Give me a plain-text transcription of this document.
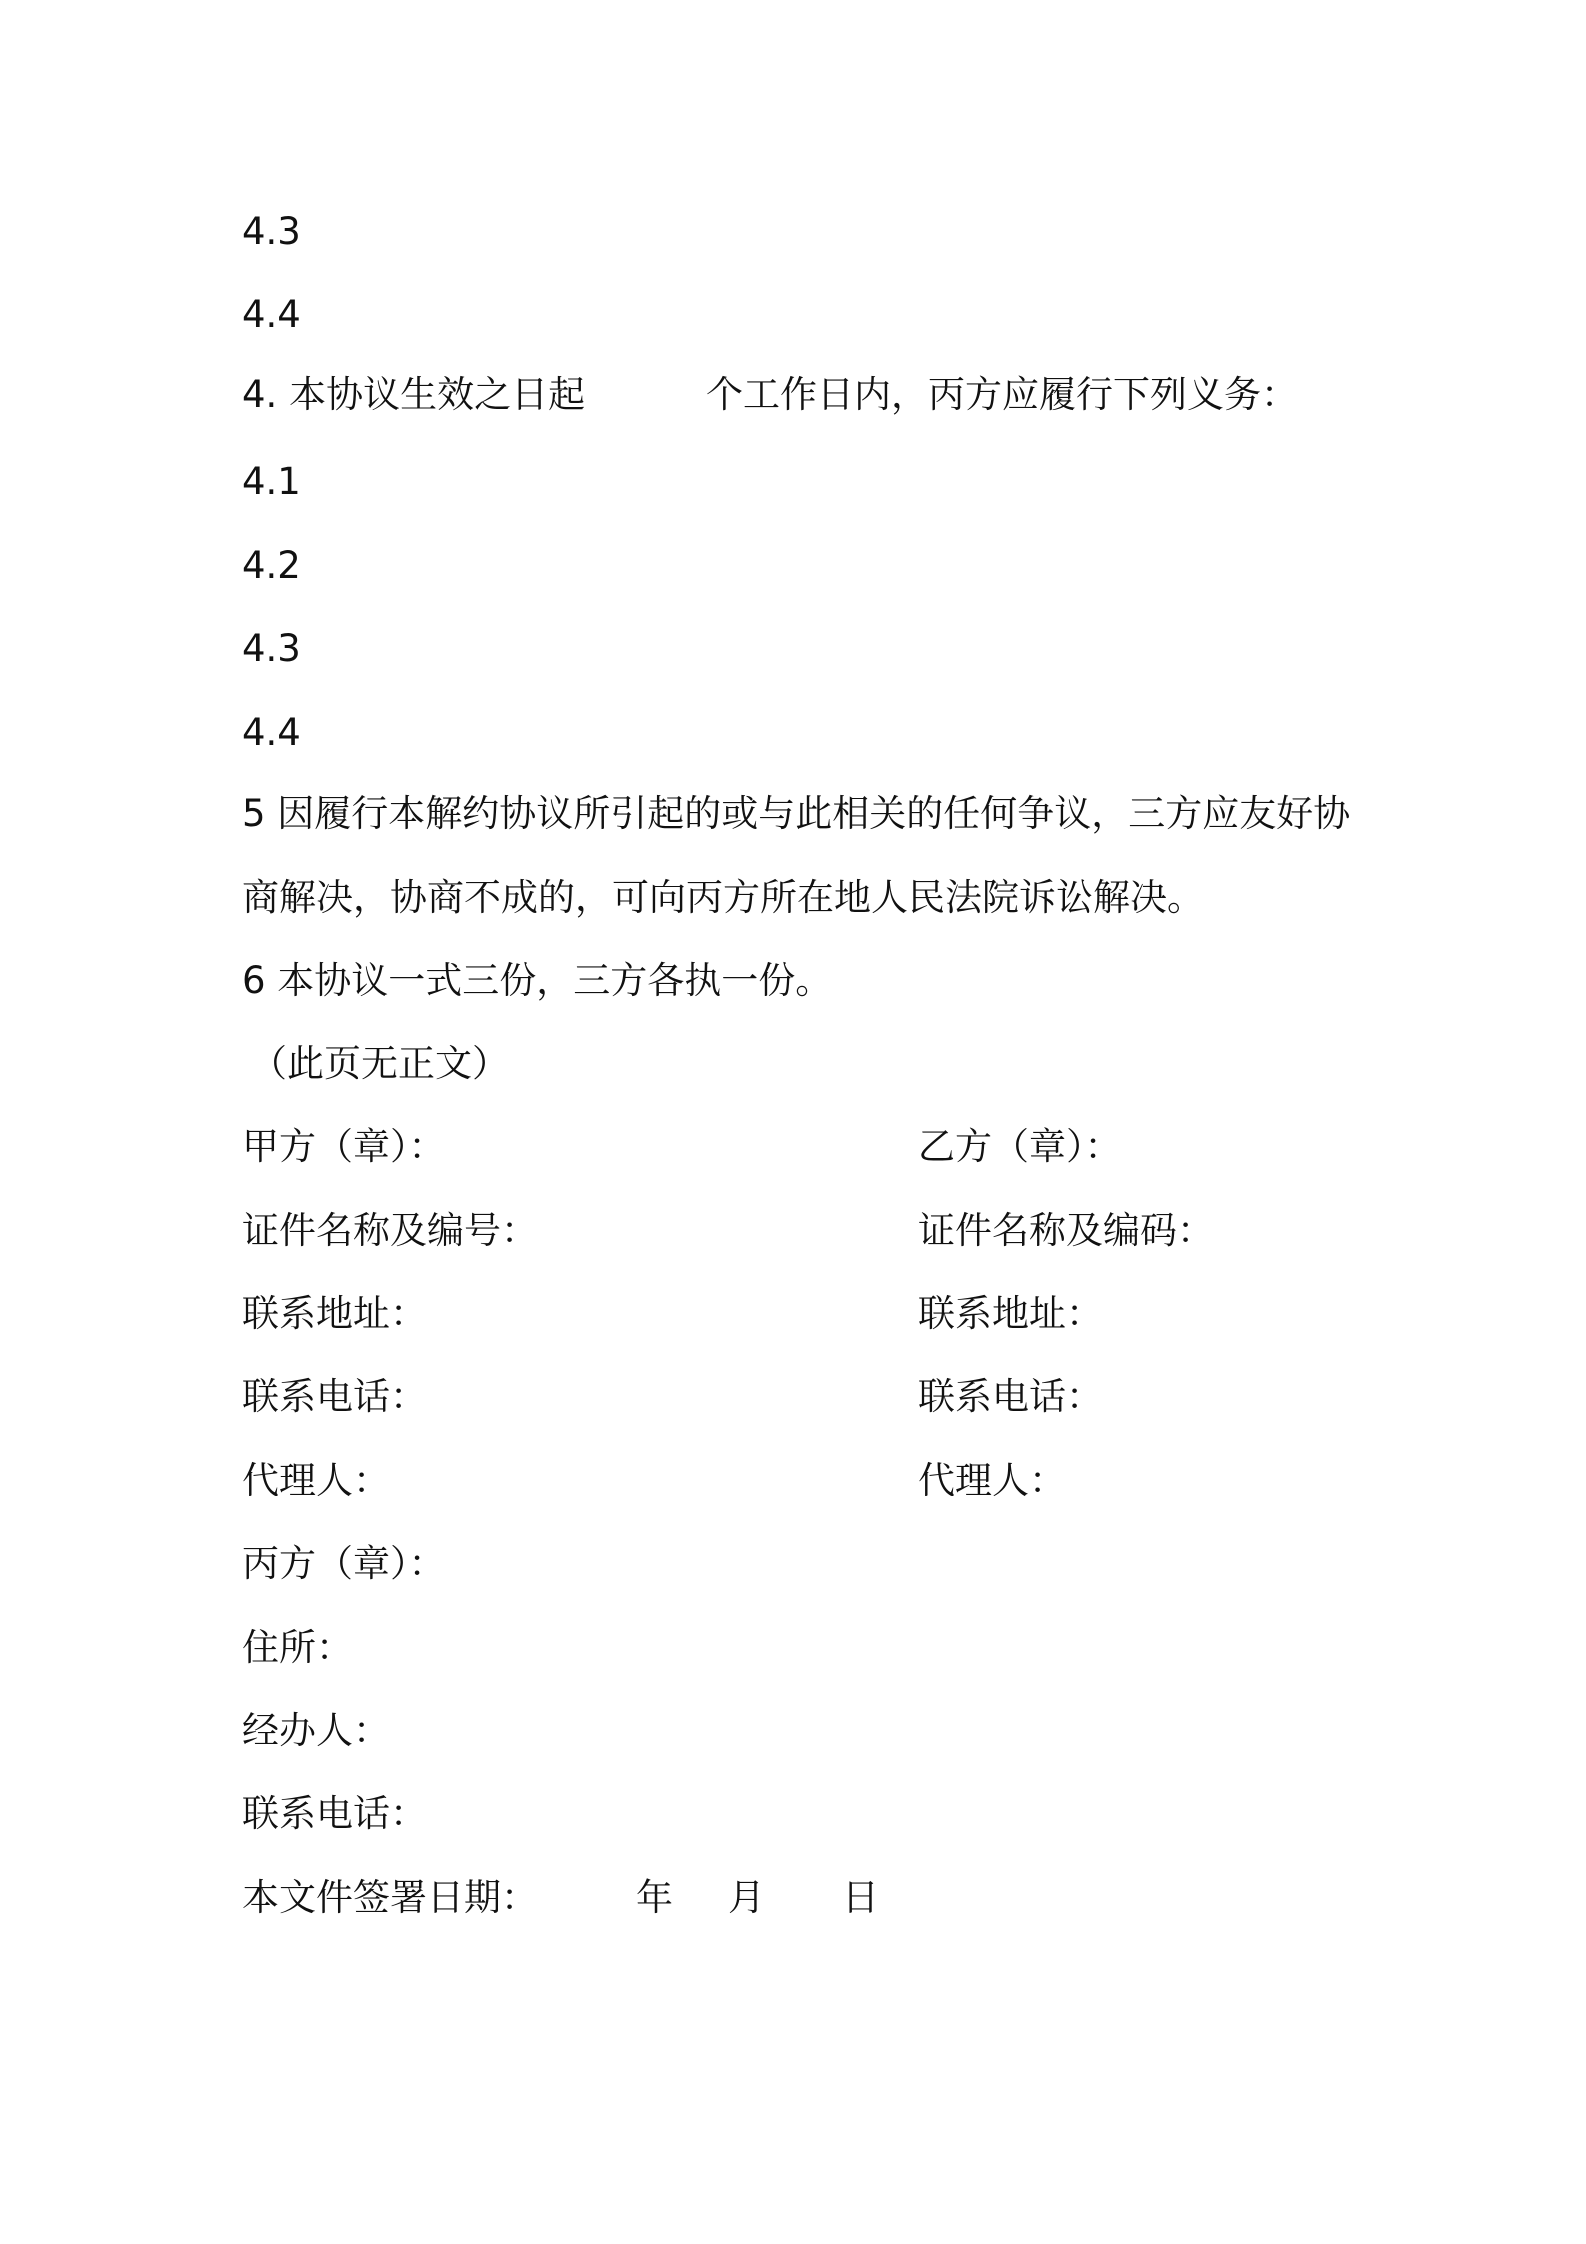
4.3
4.4
4. 本协议生效之日起	个工作日内，丙方应履行下列义务：
4.1
4.2
4.3
4.4
5 因履行本解约协议所引起的或与此相关的任何争议，三方应友好协
商解决，协商不成的，可向丙方所在地人民法院诉讼解决。
6 本协议一式三份，三方各执一份。
（此页无正文）
甲方（章）：
证件名称及编号：
联系地址：
联系电话：
代理人：
乙方（章）：
证件名称及编码：
联系地址：
联系电话：
代理人：
丙方（章）：
住所：
经办人：
联系电话：
本文件签署日期：	年 月 日
